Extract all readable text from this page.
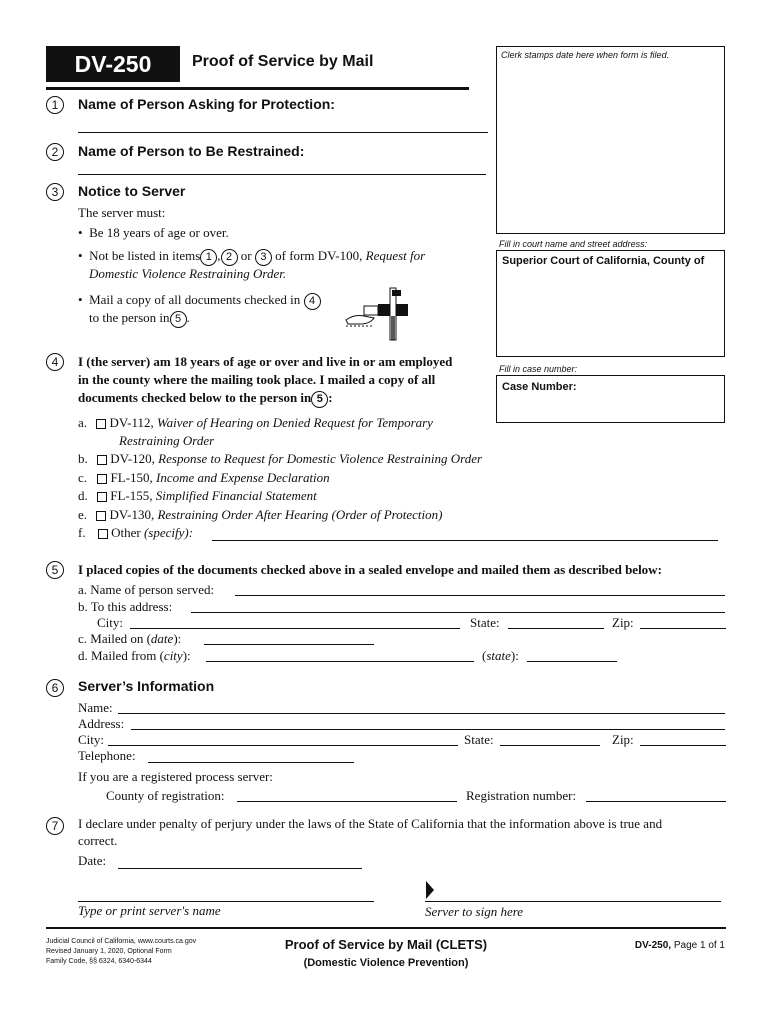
DV-250	Proof of Service by Mail	Clerk stamps date here when form is filed.
Fill in court name and street address:
Superior Court of California, County of
Fill in case number:
Case Number:
1	Name of Person Asking for Protection:
2	Name of Person to Be Restrained:
3	Notice to Server
The server must:
•  Be 18 years of age or over.
•  Not be listed in items 1 , 2 or 3 of form DV-100, Request for
Domestic Violence Restraining Order.
•  Mail a copy of all documents checked in 4
to the person in 5 .
4	I (the server) am 18 years of age or over and live in or am employed
in the county where the mailing took place. I mailed a copy of all
documents checked below to the person in 5 :
a. DV-112, Waiver of Hearing on Denied Request for Temporary
Restraining Order
b. DV-120, Response to Request for Domestic Violence Restraining Order
c. FL-150, Income and Expense Declaration
d. FL-155, Simplified Financial Statement
e. DV-130, Restraining Order After Hearing (Order of Protection)
f. Other (specify):
5	I placed copies of the documents checked above in a sealed envelope and mailed them as described below:
a. Name of person served:
b. To this address:
City:	State:	Zip:
c. Mailed on (date):
d. Mailed from (city):	(state):
6	Server’s Information
Name:
Address:
City:	State:	Zip:
Telephone:
If you are a registered process server:
County of registration:	Registration number:
7	I declare under penalty of perjury under the laws of the State of California that the information above is true and
correct.
Date:
Type or print server's name	Server to sign here
Judicial Council of California, www.courts.ca.gov
Revised January 1, 2020, Optional Form
Family Code, §§ 6324, 6340-6344
Proof of Service by Mail (CLETS)
(Domestic Violence Prevention)
DV-250, Page 1 of 1
